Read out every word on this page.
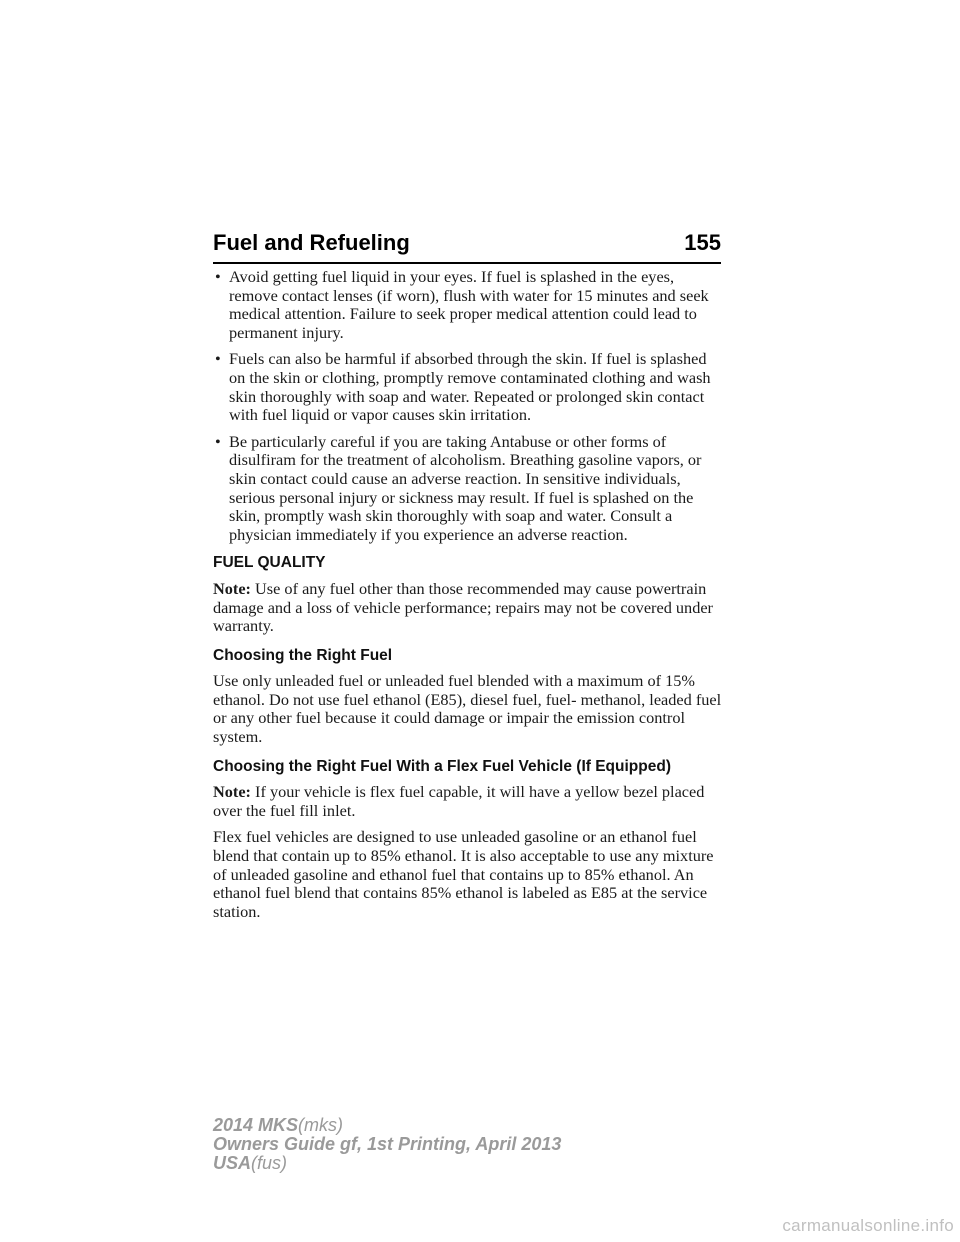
Fuel and Refueling	155
• Avoid getting fuel liquid in your eyes. If fuel is splashed in the eyes, remove contact lenses (if worn), flush with water for 15 minutes and seek medical attention. Failure to seek proper medical attention could lead to permanent injury.
• Fuels can also be harmful if absorbed through the skin. If fuel is splashed on the skin or clothing, promptly remove contaminated clothing and wash skin thoroughly with soap and water. Repeated or prolonged skin contact with fuel liquid or vapor causes skin irritation.
• Be particularly careful if you are taking Antabuse or other forms of disulfiram for the treatment of alcoholism. Breathing gasoline vapors, or skin contact could cause an adverse reaction. In sensitive individuals, serious personal injury or sickness may result. If fuel is splashed on the skin, promptly wash skin thoroughly with soap and water. Consult a physician immediately if you experience an adverse reaction.
FUEL QUALITY

Note: Use of any fuel other than those recommended may cause powertrain damage and a loss of vehicle performance; repairs may not be covered under warranty.

Choosing the Right Fuel

Use only unleaded fuel or unleaded fuel blended with a maximum of 15% ethanol. Do not use fuel ethanol (E85), diesel fuel, fuel- methanol, leaded fuel or any other fuel because it could damage or impair the emission control system.

Choosing the Right Fuel With a Flex Fuel Vehicle (If Equipped)

Note: If your vehicle is flex fuel capable, it will have a yellow bezel placed over the fuel fill inlet.

Flex fuel vehicles are designed to use unleaded gasoline or an ethanol fuel blend that contain up to 85% ethanol. It is also acceptable to use any mixture of unleaded gasoline and ethanol fuel that contains up to 85% ethanol. An ethanol fuel blend that contains 85% ethanol is labeled as E85 at the service station.

2014 MKS(mks)
Owners Guide gf, 1st Printing, April 2013
USA(fus)
carmanualsonline.info
